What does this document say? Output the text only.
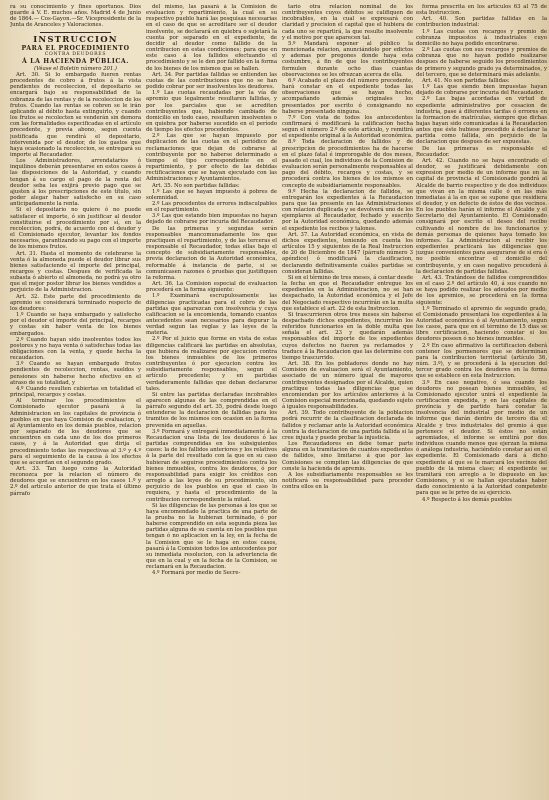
ra su conocimiento y fines oportunos. Dios guarde á V. E. muchos años. Madrid 4 de Junio de 1864.— Cos-Gayon.—Sr. Vicepresidente de la Junta de Aranceles y Valoraciones.

INSTRUCCION

PARA EL PROCEDIMIENTO

CONTRA DEUDORES

Á LA HACIENDA PÚBLICA.

(Véase el Boletin número 201.)

Art. 30. Si lo embargado fueren rentas procedentes de cobro á frutos á la vista pendientes de recoleccion, el depositario se encargará bajo su responsabilidad de la cobranza de las rentas y de la recoleccion de los frutos. Cuando las rentas se cobren se le irán aplicando al débito hasta extinguirlo, y cuando los frutos se recolecten se venderán sin demora con las formalidades especificadas en el artículo precedente, y previa abono, segun cuenta justificada que rendirá el depositario, intervenida por el deudor, de los gastos que haya ocasionado la recoleccion, se entregará su importe al Recaudador.

Los Administradores, arrendatarios ó inquilinos deberán presentarse en estos casos á las disposiciones de la Autoridad, y cuando tengan á su cargo el pago de la renta del deudor seba les exijirá previo pago que se ajusten á los prescripciones de este título, sin poder alegar haber satisfecho en su caso anticipadamente la renta.

Si el depositario no quiere ó no puede satisfacer el importe, ó sin justificar al deudor constituirse el procedimiento por sí, en la recoleccion, podrá, de acuerdo con el deudor y el Comisionado ejecutor, levantar los fondos necesarios, garantizando su pago con el importe de los mismos frutos.

Art. 31. Hasta el momento de celebrarse la venta ó la almoneda puede el deudor librar sus bienes satisfaciendo el importe del principal, recargos y costas. Despues de verificada la subasta ó abierto el almoneda, no podrá ya otro que el mejor postor librar los bienes vendidos a perjuicio de la Administracion.

Art. 32. Este parte del procedimiento de apremio se considerará terminado respecto de los deudores:

1.º Cuando se haya embargado y satisfecho por el deudor el importe del principal, recargos y costas sin haber venta de los bienes embargados.

2.º Cuando hayan sido insolventes todos los postores y no haya venta ó satisfechas todas las obligaciones con la venta, y quede hecha la recaudacion.

3.º Cuando se hayan embargado frutos pendientes de recoleccion, rentas, sueldos y pensiones sin haberse hecho efectivo en el atraso de su totalidad, y

4.º Cuando resulten cubiertas en totalidad el principal, recargos y costas.

Al terminar los procedimientos el Comisionado ejecutor pasará á la Administracion en los capitales de provincia ó pueblos en que haya Comision de evaluacion, y al Ayuntamiento en los demás pueblos, relacion por separado de los deudores que se encuentren en cada uno de los dos primeros casos, y á la Autoridad que dirija el procedimiento todas las respectivas al 3.º y 4.º para el seguimiento de la causa á los efectos que se acuerdan en el segundo grado.

Art. 33. Tan luego como la Autoridad reconozca por la relacion el número de deudores que se encuentren en los casos 1.º y 2.º del artículo anterior de que trata el último párrafo

del mismo, las pasará á la Comision de evaluacion y repartimiento, la cual en su respectivo pueblo hará las pesquisas necesarias en el caso de que se acreditare ser el deudor insolvente, se declarará en quiebra o sujetará la cuenta por separado en el expediente, de decidir al deudor como fallido de la contribucion en estas condiciones; para que en este caso á los fallidos efectuando el procedimiento y se le den por fallido en la forma de los bienes de los mismos que se hallen.

Art. 34. Por partidas fallidas se entienden las cuotas de las contribuciones que no se han podido cobrar por ser insolventes los deudores.

1.º Las cuotas recaudadas por la vía de apremio que legalmente resultaren fallidas, y por los parciales que se acrediten contribuyentes que, habiendo cambiado de domicilio en todo caso, resultaren insolventes o en quiebra por haberse sucedido en el período de tiempo los efectos procedentes.

2.º Las que se hayan impuesto por duplicacion de las cuotas en el periódico de reclamaciones que dejan de cobrarse al contribuyente por no haberse determinado a tiempo el tipo correspondiente en el repartimiento, y por efecto de las debidas rectificaciones que se hayan ejecutado con las Administraciones y Ayuntamientos.

Art. 35. No son partidas fallidas:

1.º Las que se hayan impuesto á pobres de solemnidad.

2.º Las procedentes de errores indisculpables en el repartimiento.

3.º Las que estando bien impuestas no hayan dejado de cobrarse por incuria del Recaudador.

De las primeras y segundas serán responsables mancomunadamente los que practiquen el repartimiento, y de las terceras el responsable el Recaudador, todas ellas bajo el concepto de subsidiariamente responsables, previa declaracion de la Autoridad económica, reformable á instancia de parte, si se comunicasen razones ó pruebas que justifiquen la reforma.

Art. 36. La Comision especial de evaluacion procederá en la forma siguiente:

1.º Examinará escrupulosamente las diligencias practicadas para el cobro de las partidas que aparezcan con insolvencia y cuya calificacion se la encomienda, tomando cuantos antecedentes sean necesarios para depurar la verdad segun las reglas y las leyes de la materia.

2.º Por el juicio que forme en vista de estas diligencias calificará las partidas en absolutas, que hubiera de realizarse por ejecucion contra los bienes inmuebles de los primeros contribuyentes ó por ejecucion contra los subsidiariamente responsables, segun el artículo precedente; y en partidas verdaderamente fallidas que deban declararse tales.

Si entre las partidas declaradas incobrables aparecen algunas de las comprendidas en el párrafo segundo del art. 35, podrá desde luego entenderse la declaracion de fallidas para los tramites de los mismos con ocasion en la forma prevenida en aquellas.

3.º Formará y entregará inmediatamente á la Recaudacion una lista de los deudores ó las partidas comprendidas en los subsiguientes casos: la de los fallidos anteriores y los relativos á la parte del resultado con la que en su caso hubieran de seguirse procedimientos contra los bienes inmuebles, contra los deudores, ó por responsabilidad para exigir los créditos con arreglo a las leyes de su procedimiento, sin perjuicio de los pueblos en que el caso lo requiera, y hasta el procedimiento de la contribucion correspondiente la mitad.

Si las diligencias de las personas á los que se haya encomendado la practica de una parte de la prueba no la hubieran terminado, ó por haberse comprendido en esta segunda pieza las partidas alguna de su cuenta en los pueblos que tengan ó no aplicacion en la ley, en la fecha de la Comision que se le haga en estos casos, pasará á la Comision todos los antecedentes por su inmediata resolucion, con la advertencia de que en la cual y en la fecha de la Comision, se reclamará en la Recaudacion.

4.º Formará por medio de Secre-

tario otra relacion nominal de los contribuyentes cuyos débitos se califiquen de incobrables, en la cual se expresará con claridad y precision el capital que el hubiera de cada uno se repartirá, la que resulte insolvente y el motivo por que aparecen tal.

5.º Mandará exponer al público la mencionada relacion, anunciándolo por edictos y ademas por pregones donde haya esta costumbre, á fin de que los contribuyentes formulen durante ocho dias cuantas observaciones se les ofrezcan acerca de ella.

6.º Acabado el plazo del número precedente, hará constar en el expediente todas las observaciones que se hayan hecho, acompañando además originales los presentados por escrito ó consignando no haberse presentado ninguna.

7.º Con vista de todos los antecedentes confirmará ó modificará la calificacion hecha segun el número 2.º de este artículo, y remitirá el expediente original á la Autoridad económica.

8.º Toda declaracion de fallidos y de prescripcion de procedimientos ha de hacerse en el plazo fatal é improrogable de dos meses, pasado el cual, los individuos de la Comision de evaluacion serán personalmente responsables al pago del débito, recargos y costas, y se procederá contra los bienes de los mismos en concepto de subsidiariamente responsables.

9.º Hecha la declaracion de fallidos, se entregarán los expedientes á la Recaudacion para que las presente en las Administraciones con relacion duplicada y se devolverá uno de los ejemplares al Recaudador, fechado y suscrito por la Autoridad económica, quedando además el expediente los recibos y talones.

Art. 37. La Autoridad económica, en vista de dichos expedientes, teniendo en cuenta los artículos 15 y siguientes de la Real Instruccion de 20 de Diciembre de 1847 (párrafo número 3 apéndice) ó modificará la clasificacion, declarando definitivamente cuáles partidas se consideran fallidas.

Si en el término de tres meses, á contar desde la fecha en que el Recaudador entregue los expedientes en la Administracion, no se han despachado, la Autoridad económica y el Jefe del Negociado respectivo incurrirán en la multa que establece el art. 22 de esta Instruccion.

Si trascurrieren otros tres meses sin haberse despachado dichos expedientes, incurrirán los referidos funcionarios en la doble multa que señala el art. 23 y quedarán además responsables del importe de los expedientes cuyos defectos no fueren ya reclamados y traduce á la Recaudacion que las determine con tiempo trascurrido.

Art. 38. En los pobladores donde no hay Comision de evaluacion será el Ayuntamiento, asociado de un número igual de mayores contribuyentes designados por el Alcalde, quien practique todas las diligencias que se encomiendan por los artículos anteriores á la Comision especial mencionada, quedando sujeto á iguales responsabilidades.

Art. 39. Todo contribuyente de la poblacion podrá recurrir de la clasificacion declarada de fallidos y reclamar ante la Autoridad económica contra la declaracion de una partida fallida si la cree injusta y puede probar la injusticia.

Los Recaudadores en debe tomar parte alguna en la tramitacion de cuantos expedientes de fallidos, sino limitarse á que por las Comisiones se compiten las diligencias de que conste la hacienda de apremio.

A los subsidiariamente responsables se les notificará su responsabilidad para proceder contra ellos en la

forma prescrita en los artículos 63 al 75 de esta Instruccion.

Art. 40. Son partidas fallidas en la contribucion industrial:

1.º Las cuotas con recargos y premio de cobranza impuestos á industriales cuyo domicilio no haya podido encontrarse.

2.º Las cuotas con sus recargos y premios de cobranza que no hayan podido realizarse despues de haberse seguido los procedimientos de primero y segundo grado ya determinados, y del tercero, que se determinará más adelante.

Art. 41. No son partidas fallidas:

1.º Las que siendo bien impuestas hayan dejado de cobrarse por incuria del Recaudador.

2.º Las bajas acordadas en virtud de expediente administrativo por cesacion de industria, pase á diferentes tarifas ó errores en la formacion de matrículas, siempre que dichas bajas hayan sido comunicadas á la Recaudacion antes que éste hubiese procedido á declarar la partida como fallida, sin perjuicio de la declaracion que despues de ser expuestas.

De las primeras es responsable el Recaudador.

Art. 42. Cuando no se haya encontrado el deudor, se justificará debidamente con expresion por medio de un informe que en la capital de provincia el Comisionado pondrá al Alcalde de barrio respectivo y de dos individuos que vivan en la misma calle ó en las más inmediatas á la en que se supone que residiera el deudor, y en defecto de éstos de dos vecinos. En los pueblos harán el informe el Alcalde y el Secretario del Ayuntamiento. El Comisionado consignará por escrito el deseo del recibo cultivando el nombre de los funcionarios y demás personas de quienes haya tomado los informes. La Administracion al recibir los expedientes practicará las diligencias que juzgue convenientes para asegurarse de si era ó no posible encontrar el domicilio del contribuyente, y en caso negativo procederá á la declaracion de partidas fallidas.

Art. 43. Tratándose de fallidos comprendidos en el caso 2.º del artículo 40, á sus cuando no se haya podido realizar los adeudos por medio de los apremios, se procederá en la forma siguiente:

1.º Terminado el apremio de segundo grado, el Comisionado presentará los expedientes á la Autoridad económica ó al Ayuntamiento, segun los casos, para que en el término de 15 dias se libre certificacion, haciendo constar si los deudores poseen ó no bienes inmuebles.

2.º En caso afirmativo la certificacion deberá contener los pormenores que se determinan para la contribucion territorial (artículo 36, núm. 3.º), y se procederá á la ejecucion del tercer grado contra los deudores en la forma que se establece en esta Instruccion.

3.º En caso negativo, ó sea cuando los deudores no posean bienes inmuebles, el Comisionado ejecutor unirá el expediente la certificacion expedida, y en las capitales de provincia y de partido hará constar la insolvencia del industrial por medio de un informe que darán dentro de tercero dia el Alcalde y tres industriales del gremio á que pertenece el deudor. Si éstos no están agremiados, el informe se emitirá por dos individuos cuando menos que ejerzan la misma ó análoga industria, haciéndolo constar así en el expediente. El Comisionado dará á dicho expediente al que se le marcará los vecinos del pueblo de la misma clase; el expediente se tramitará con arreglo a lo dispuesto en las Comisiones, y si se hallan ejecutadas haber dado conocimiento á la Autoridad competente para que se le prive de su ejercicio.

4.º Respecto á los demás pueblos
